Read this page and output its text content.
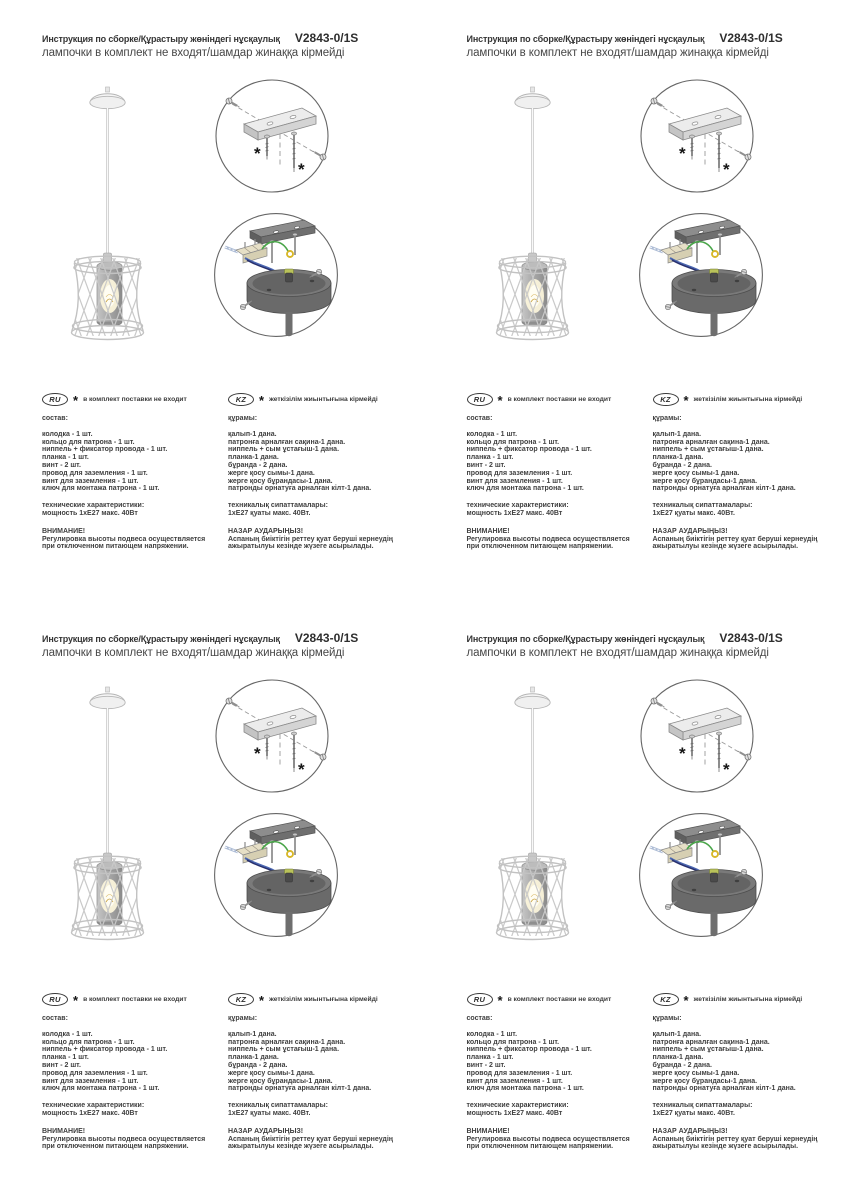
Инструкция по сборке/Құрастыру жөніндегі нұсқаулық V2843-0/1S
лампочки в комплект не входят/шамдар жинаққа кірмейді
*
*
RU * в комплект поставки не входит
состав:
колодка - 1 шт.
кольцо для патрона - 1 шт.
ниппель + фиксатор провода - 1 шт.
планка - 1 шт.
винт - 2 шт.
провод для заземления - 1 шт.
винт для заземления - 1 шт.
ключ для монтажа патрона - 1 шт.
технические характеристики:
мощность 1хЕ27 макс. 40Вт
ВНИМАНИЕ!
Регулировка высоты подвеса осуществляется при отключенном питающем напряжении.
KZ * жеткізілім жиынтығына кірмейді
құрамы:
қалып-1 дана.
патронға арналған сақина-1 дана.
ниппель + сым ұстағыш-1 дана.
планка-1 дана.
бұранда - 2 дана.
жерге қосу сымы-1 дана.
жерге қосу бұрандасы-1 дана.
патронды орнатуға арналған кілт-1 дана.
техникалық сипаттамалары:
1хЕ27 қуаты макс. 40Вт.
НАЗАР АУДАРЫҢЫЗ!
Аспаның биіктігін реттеу қуат беруші кернеудің ажыратылуы кезінде жүзеге асырылады.
Инструкция по сборке/Құрастыру жөніндегі нұсқаулық V2843-0/1S
лампочки в комплект не входят/шамдар жинаққа кірмейді
*
*
RU * в комплект поставки не входит
состав:
колодка - 1 шт.
кольцо для патрона - 1 шт.
ниппель + фиксатор провода - 1 шт.
планка - 1 шт.
винт - 2 шт.
провод для заземления - 1 шт.
винт для заземления - 1 шт.
ключ для монтажа патрона - 1 шт.
технические характеристики:
мощность 1хЕ27 макс. 40Вт
ВНИМАНИЕ!
Регулировка высоты подвеса осуществляется при отключенном питающем напряжении.
KZ * жеткізілім жиынтығына кірмейді
құрамы:
қалып-1 дана.
патронға арналған сақина-1 дана.
ниппель + сым ұстағыш-1 дана.
планка-1 дана.
бұранда - 2 дана.
жерге қосу сымы-1 дана.
жерге қосу бұрандасы-1 дана.
патронды орнатуға арналған кілт-1 дана.
техникалық сипаттамалары:
1хЕ27 қуаты макс. 40Вт.
НАЗАР АУДАРЫҢЫЗ!
Аспаның биіктігін реттеу қуат беруші кернеудің ажыратылуы кезінде жүзеге асырылады.
Инструкция по сборке/Құрастыру жөніндегі нұсқаулық V2843-0/1S
лампочки в комплект не входят/шамдар жинаққа кірмейді
*
*
RU * в комплект поставки не входит
состав:
колодка - 1 шт.
кольцо для патрона - 1 шт.
ниппель + фиксатор провода - 1 шт.
планка - 1 шт.
винт - 2 шт.
провод для заземления - 1 шт.
винт для заземления - 1 шт.
ключ для монтажа патрона - 1 шт.
технические характеристики:
мощность 1хЕ27 макс. 40Вт
ВНИМАНИЕ!
Регулировка высоты подвеса осуществляется при отключенном питающем напряжении.
KZ * жеткізілім жиынтығына кірмейді
құрамы:
қалып-1 дана.
патронға арналған сақина-1 дана.
ниппель + сым ұстағыш-1 дана.
планка-1 дана.
бұранда - 2 дана.
жерге қосу сымы-1 дана.
жерге қосу бұрандасы-1 дана.
патронды орнатуға арналған кілт-1 дана.
техникалық сипаттамалары:
1хЕ27 қуаты макс. 40Вт.
НАЗАР АУДАРЫҢЫЗ!
Аспаның биіктігін реттеу қуат беруші кернеудің ажыратылуы кезінде жүзеге асырылады.
Инструкция по сборке/Құрастыру жөніндегі нұсқаулық V2843-0/1S
лампочки в комплект не входят/шамдар жинаққа кірмейді
*
*
RU * в комплект поставки не входит
состав:
колодка - 1 шт.
кольцо для патрона - 1 шт.
ниппель + фиксатор провода - 1 шт.
планка - 1 шт.
винт - 2 шт.
провод для заземления - 1 шт.
винт для заземления - 1 шт.
ключ для монтажа патрона - 1 шт.
технические характеристики:
мощность 1хЕ27 макс. 40Вт
ВНИМАНИЕ!
Регулировка высоты подвеса осуществляется при отключенном питающем напряжении.
KZ * жеткізілім жиынтығына кірмейді
құрамы:
қалып-1 дана.
патронға арналған сақина-1 дана.
ниппель + сым ұстағыш-1 дана.
планка-1 дана.
бұранда - 2 дана.
жерге қосу сымы-1 дана.
жерге қосу бұрандасы-1 дана.
патронды орнатуға арналған кілт-1 дана.
техникалық сипаттамалары:
1хЕ27 қуаты макс. 40Вт.
НАЗАР АУДАРЫҢЫЗ!
Аспаның биіктігін реттеу қуат беруші кернеудің ажыратылуы кезінде жүзеге асырылады.
